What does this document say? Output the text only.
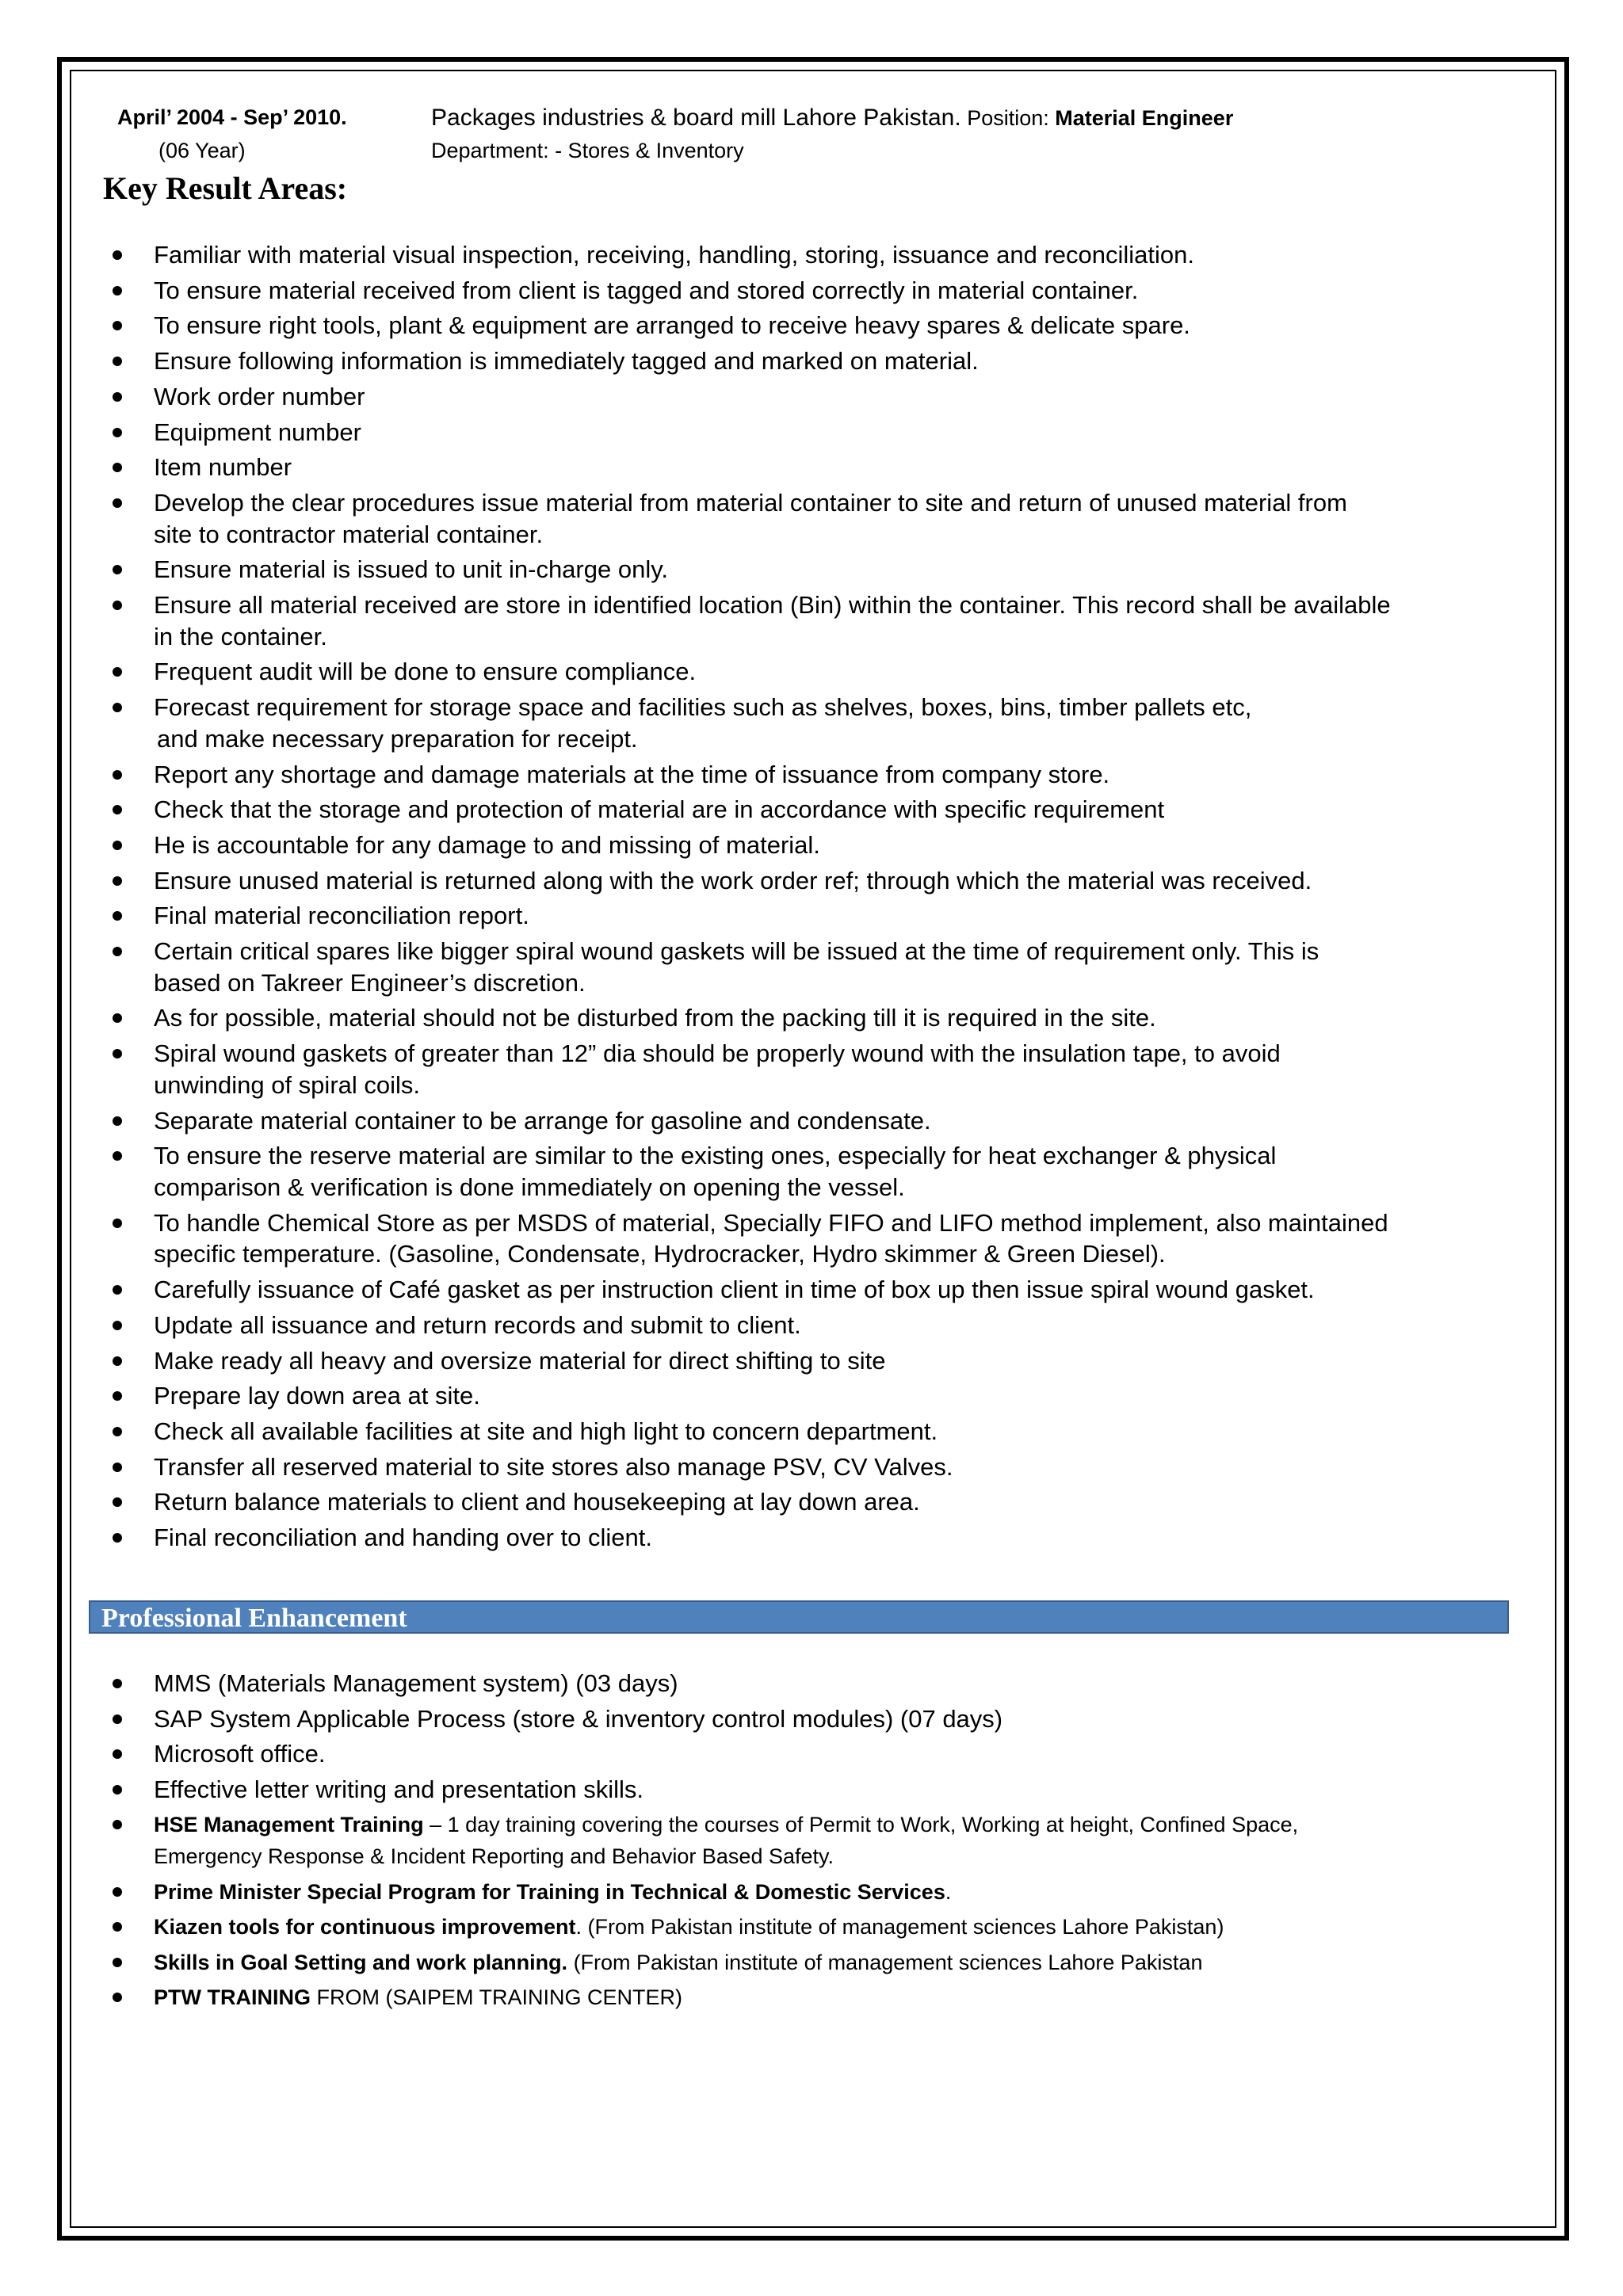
April’ 2004 - Sep’ 2010.
(06 Year)
Packages industries & board mill Lahore Pakistan. Position: Material Engineer
Department: - Stores & Inventory
Key Result Areas:
Familiar with material visual inspection, receiving, handling, storing, issuance and reconciliation.
To ensure material received from client is tagged and stored correctly in material container.
To ensure right tools, plant & equipment are arranged to receive heavy spares & delicate spare.
Ensure following information is immediately tagged and marked on material.
Work order number
Equipment number
Item number
Develop the clear procedures issue material from material container to site and return of unused material from
site to contractor material container.
Ensure material is issued to unit in-charge only.
Ensure all material received are store in identified location (Bin) within the container. This record shall be available
in the container.
Frequent audit will be done to ensure compliance.
Forecast requirement for storage space and facilities such as shelves, boxes, bins, timber pallets etc,
and make necessary preparation for receipt.
Report any shortage and damage materials at the time of issuance from company store.
Check that the storage and protection of material are in accordance with specific requirement
He is accountable for any damage to and missing of material.
Ensure unused material is returned along with the work order ref; through which the material was received.
Final material reconciliation report.
Certain critical spares like bigger spiral wound gaskets will be issued at the time of requirement only. This is
based on Takreer Engineer’s discretion.
As for possible, material should not be disturbed from the packing till it is required in the site.
Spiral wound gaskets of greater than 12” dia should be properly wound with the insulation tape, to avoid
unwinding of spiral coils.
Separate material container to be arrange for gasoline and condensate.
To ensure the reserve material are similar to the existing ones, especially for heat exchanger & physical
comparison & verification is done immediately on opening the vessel.
To handle Chemical Store as per MSDS of material, Specially FIFO and LIFO method implement, also maintained
specific temperature. (Gasoline, Condensate, Hydrocracker, Hydro skimmer & Green Diesel).
Carefully issuance of Café gasket as per instruction client in time of box up then issue spiral wound gasket.
Update all issuance and return records and submit to client.
Make ready all heavy and oversize material for direct shifting to site
Prepare lay down area at site.
Check all available facilities at site and high light to concern department.
Transfer all reserved material to site stores also manage PSV, CV Valves.
Return balance materials to client and housekeeping at lay down area.
Final reconciliation and handing over to client.
Professional Enhancement
MMS (Materials Management system) (03 days)
SAP System Applicable Process (store & inventory control modules) (07 days)
Microsoft office.
Effective letter writing and presentation skills.
HSE Management Training – 1 day training covering the courses of Permit to Work, Working at height, Confined Space,
Emergency Response & Incident Reporting and Behavior Based Safety.
Prime Minister Special Program for Training in Technical & Domestic Services.
Kiazen tools for continuous improvement. (From Pakistan institute of management sciences Lahore Pakistan)
Skills in Goal Setting and work planning. (From Pakistan institute of management sciences Lahore Pakistan
PTW TRAINING FROM (SAIPEM TRAINING CENTER)
